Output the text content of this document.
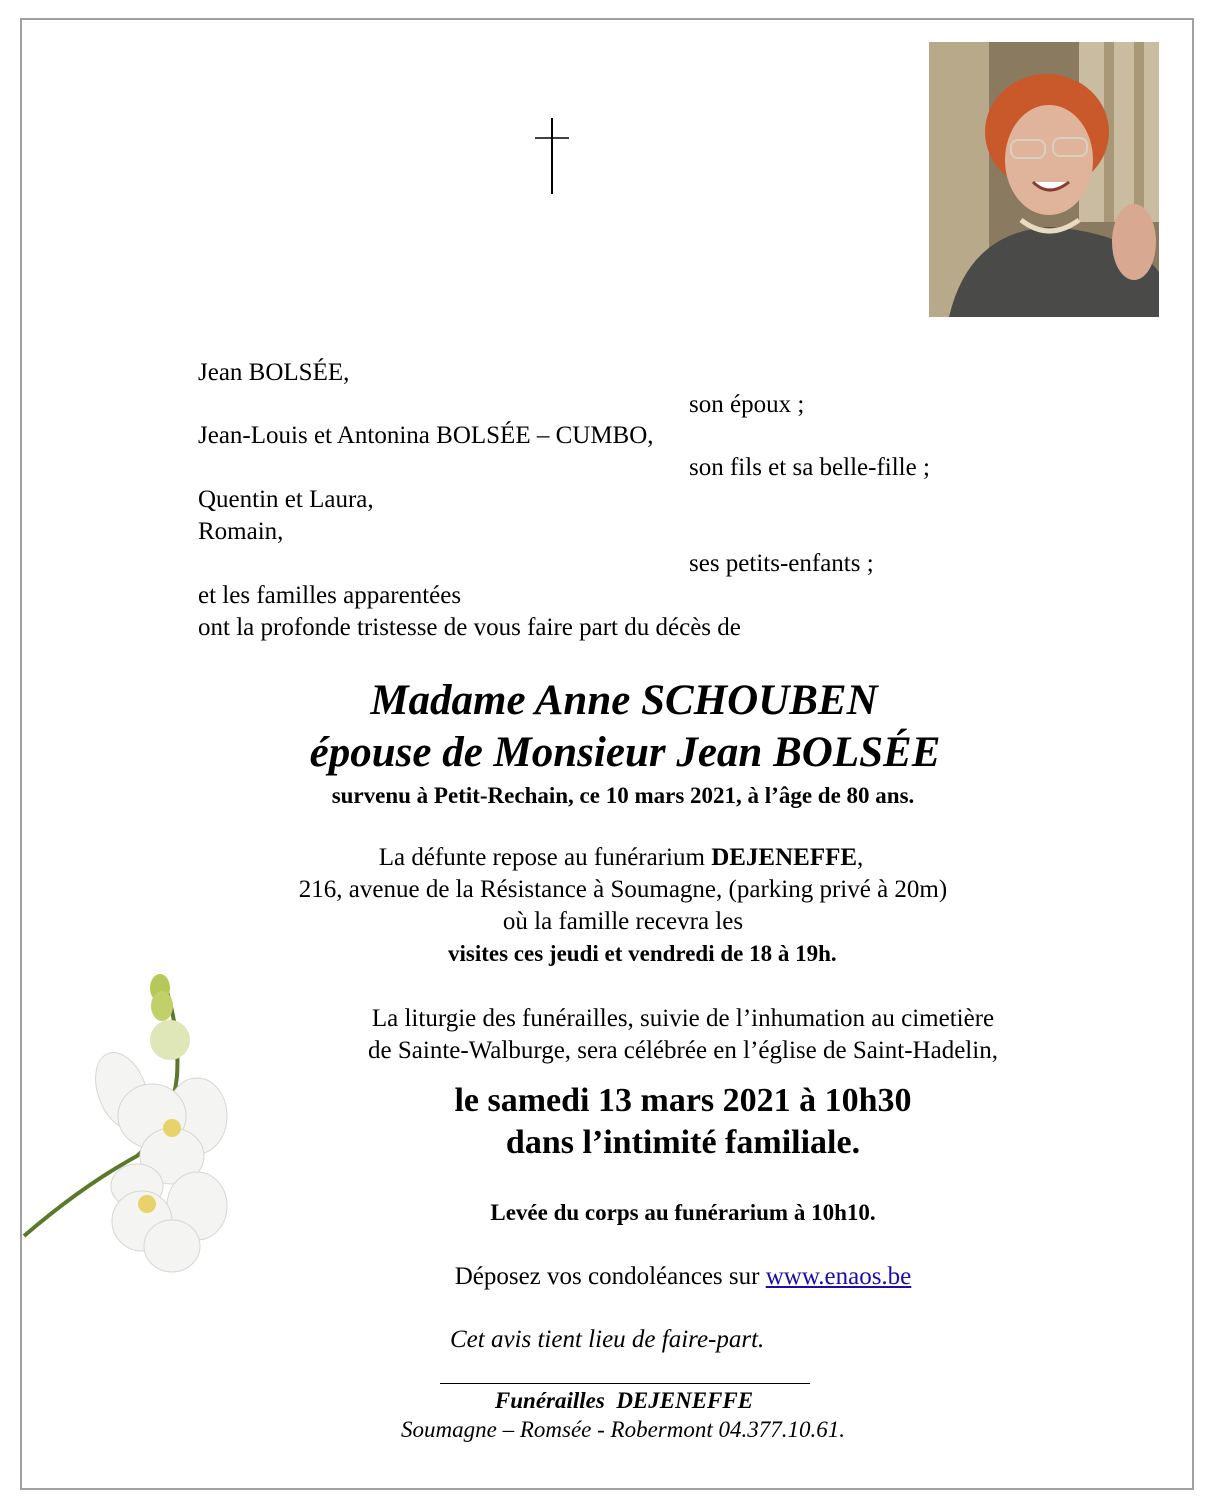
Jean BOLSÉE,
son époux ;
Jean-Louis et Antonina BOLSÉE – CUMBO,
son fils et sa belle-fille ;
Quentin et Laura,
Romain,
ses petits-enfants ;
et les familles apparentées
ont la profonde tristesse de vous faire part du décès de
Madame Anne SCHOUBEN
épouse de Monsieur Jean BOLSÉE
survenu à Petit-Rechain, ce 10 mars 2021, à l’âge de 80 ans.
La défunte repose au funérarium DEJENEFFE,
216, avenue de la Résistance à Soumagne, (parking privé à 20m)
où la famille recevra les
visites ces jeudi et vendredi de 18 à 19h.
La liturgie des funérailles, suivie de l’inhumation au cimetière
de Sainte-Walburge, sera célébrée en l’église de Saint-Hadelin,
le samedi 13 mars 2021 à 10h30
dans l’intimité familiale.
Levée du corps au funérarium à 10h10.
Déposez vos condoléances sur www.enaos.be
Cet avis tient lieu de faire-part.
Funérailles  DEJENEFFE
Soumagne – Romsée - Robermont 04.377.10.61.
